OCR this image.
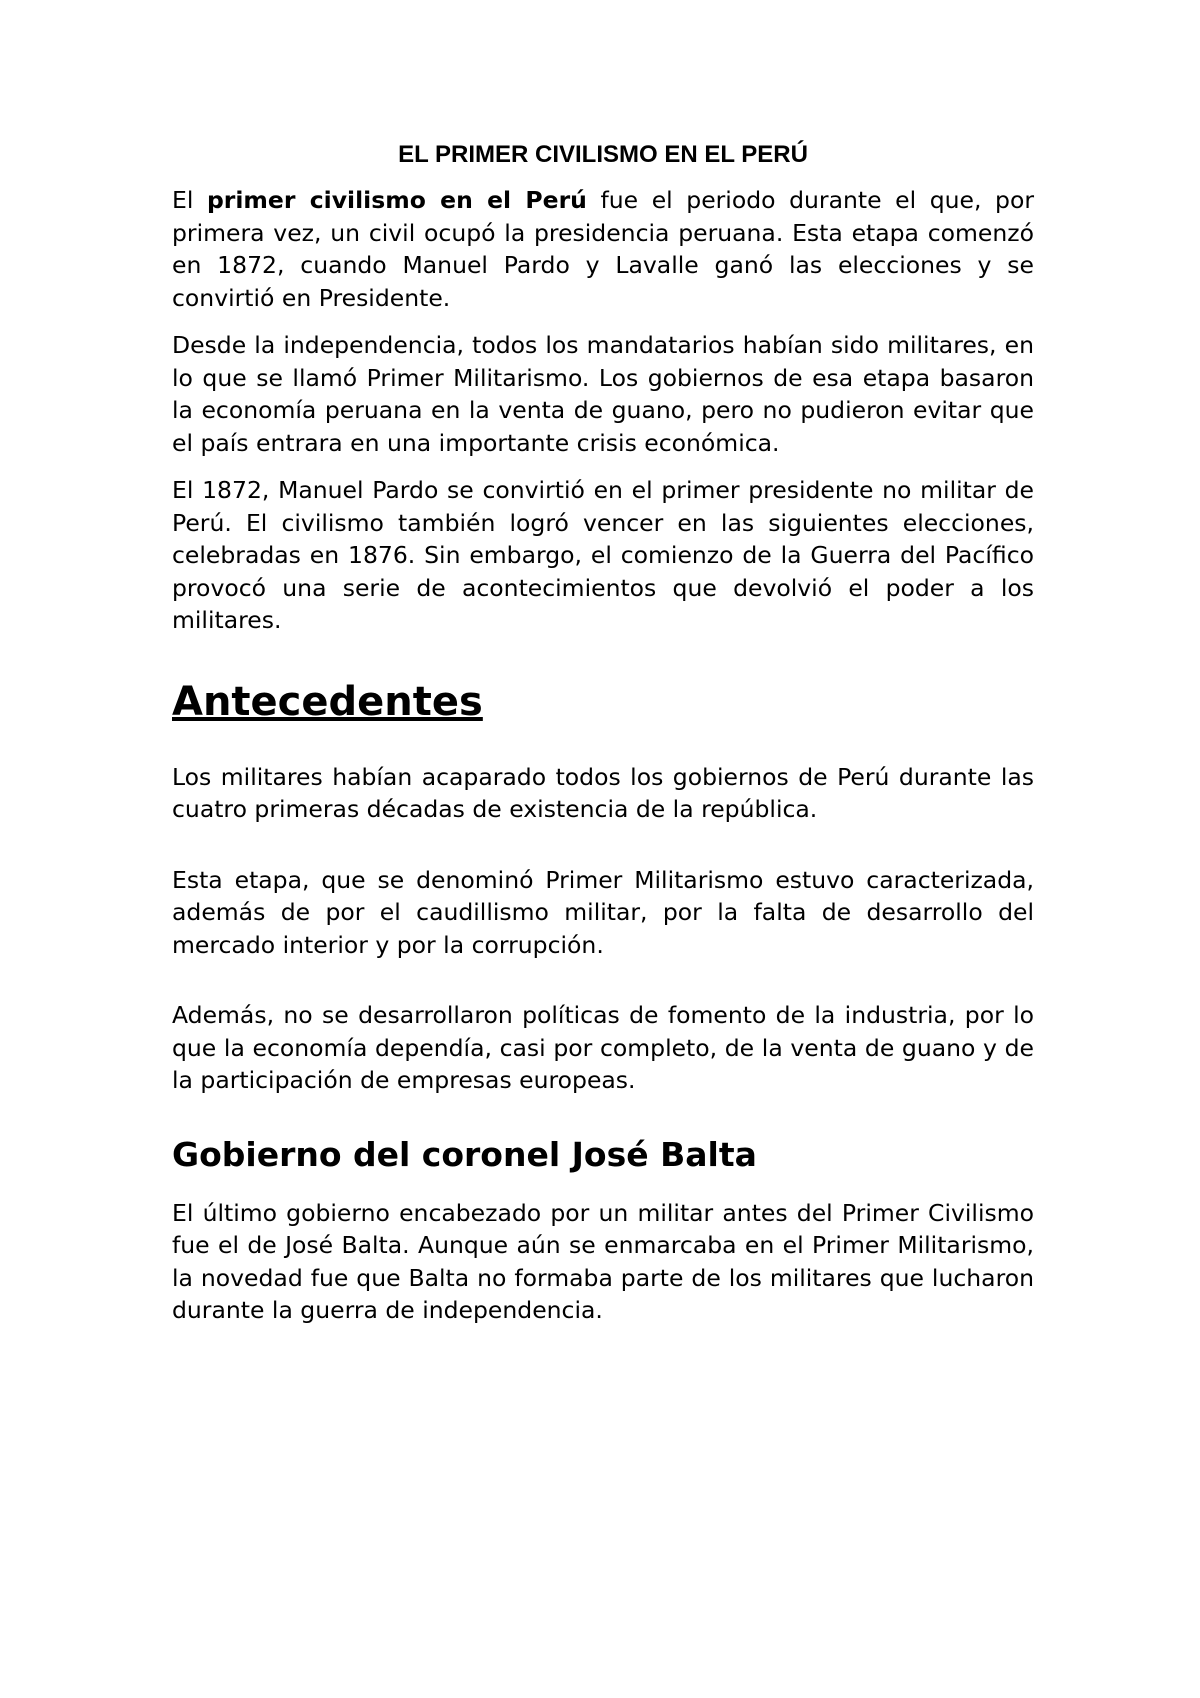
EL PRIMER CIVILISMO EN EL PERÚ

El primer civilismo en el Perú fue el periodo durante el que, por primera vez, un civil ocupó la presidencia peruana. Esta etapa comenzó en 1872, cuando Manuel Pardo y Lavalle ganó las elecciones y se convirtió en Presidente.

Desde la independencia, todos los mandatarios habían sido militares, en lo que se llamó Primer Militarismo. Los gobiernos de esa etapa basaron la economía peruana en la venta de guano, pero no pudieron evitar que el país entrara en una importante crisis económica.

El 1872, Manuel Pardo se convirtió en el primer presidente no militar de Perú. El civilismo también logró vencer en las siguientes elecciones, celebradas en 1876. Sin embargo, el comienzo de la Guerra del Pacífico provocó una serie de acontecimientos que devolvió el poder a los militares.

Antecedentes

Los militares habían acaparado todos los gobiernos de Perú durante las cuatro primeras décadas de existencia de la república.

Esta etapa, que se denominó Primer Militarismo estuvo caracterizada, además de por el caudillismo militar, por la falta de desarrollo del mercado interior y por la corrupción.

Además, no se desarrollaron políticas de fomento de la industria, por lo que la economía dependía, casi por completo, de la venta de guano y de la participación de empresas europeas.

Gobierno del coronel José Balta

El último gobierno encabezado por un militar antes del Primer Civilismo fue el de José Balta. Aunque aún se enmarcaba en el Primer Militarismo, la novedad fue que Balta no formaba parte de los militares que lucharon durante la guerra de independencia.
